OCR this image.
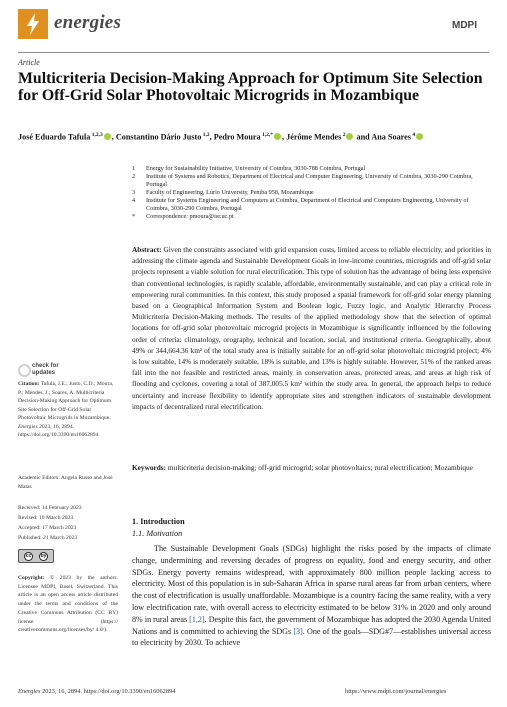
energies	MDPI
Article
Multicriteria Decision-Making Approach for Optimum Site Selection for Off-Grid Solar Photovoltaic Microgrids in Mozambique
José Eduardo Tafula $^{1,2,3}$ , Constantino Dário Justo $^{1,2}$, Pedro Moura $^{1,2,*}$ , Jérôme Mendes $^2$ and Ana Soares $^4$
1	Energy for Sustainability Initiative, University of Coimbra, 3030-788 Coimbra, Portugal
2	Institute of Systems and Robotics, Department of Electrical and Computer Engineering, University of Coimbra, 3030-290 Coimbra, Portugal
3	Faculty of Engineering, Lúrio University, Pemba 958, Mozambique
4	Institute for Systems Engineering and Computers at Coimbra, Department of Electrical and Computers Engineering, University of Coimbra, 3030-290 Coimbra, Portugal
*	Correspondence: pmoura@isr.uc.pt
Abstract: Given the constraints associated with grid expansion costs, limited access to reliable electricity, and priorities in addressing the climate agenda and Sustainable Development Goals in low-income countries, microgrids and off-grid solar projects represent a viable solution for rural electrification. This type of solution has the advantage of being less expensive than conventional technologies, is rapidly scalable, affordable, environmentally sustainable, and can play a critical role in empowering rural communities. In this context, this study proposed a spatial framework for off-grid solar energy planning based on a Geographical Information System and Boolean logic, Fuzzy logic, and Analytic Hierarchy Process Multicriteria Decision-Making methods. The results of the applied methodology show that the selection of optimal locations for off-grid solar photovoltaic microgrid projects in Mozambique is significantly influenced by the following order of criteria: climatology, orography, technical and location, social, and institutional criteria. Geographically, about 49% or 344,664.36 km² of the total study area is initially suitable for an off-grid solar photovoltaic microgrid project; 4% is low suitable, 14% is moderately suitable, 18% is suitable, and 13% is highly suitable. However, 51% of the ranked areas fall into the not feasible and restricted areas, mainly in conservation areas, protected areas, and areas at high risk of flooding and cyclones, covering a total of 387,005.5 km² within the study area. In general, the approach helps to reduce uncertainty and increase flexibility to identify appropriate sites and strengthen indicators of sustainable development impacts of decentralized rural electrification.
Keywords: multicriteria decision-making; off-grid microgrid; solar photovoltaics; rural electrification; Mozambique
check for
updates
Citation: Tafula, J.E.; Justo, C.D.; Moura, P.; Mendes, J.; Soares, A. Multicriteria Decision-Making Approach for Optimum Site Selection for Off-Grid Solar Photovoltaic Microgrids in Mozambique. Energies 2023, 16, 2894. https://doi.org/10.3390/en16062894
Academic Editors: Angela Russo and José Matas
Received: 14 February 2023
Revised: 10 March 2023
Accepted: 17 March 2023
Published: 21 March 2023
cc	by
Copyright: © 2023 by the authors. Licensee MDPI, Basel, Switzerland. This article is an open access article distributed under the terms and conditions of the Creative Commons Attribution (CC BY) license (https:// creativecommons.org/licenses/by/ 4.0/).
1. Introduction
1.1. Motivation
The Sustainable Development Goals (SDGs) highlight the risks posed by the impacts of climate change, undermining and reversing decades of progress on equality, food and energy security, and other SDGs. Energy poverty remains widespread, with approximately 800 million people lacking access to electricity. Most of this population is in sub-Saharan Africa in sparse rural areas far from urban centers, where the cost of electrification is usually unaffordable. Mozambique is a country facing the same reality, with a very low electrification rate, with overall access to electricity estimated to be below 31% in 2020 and only around 8% in rural areas [1,2]. Despite this fact, the government of Mozambique has adopted the 2030 Agenda United Nations and is committed to achieving the SDGs [3]. One of the goals—SDG#7—establishes universal access to electricity by 2030. To achieve
Energies 2023, 16, 2894. https://doi.org/10.3390/en16062894	https://www.mdpi.com/journal/energies
